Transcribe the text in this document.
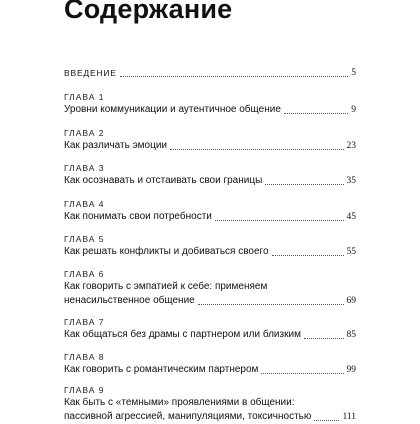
Содержание
ВВЕДЕНИЕ	5
ГЛАВА 1
Уровни коммуникации и аутентичное общение	9
ГЛАВА 2
Как различать эмоции	23
ГЛАВА 3
Как осознавать и отстаивать свои границы	35
ГЛАВА 4
Как понимать свои потребности	45
ГЛАВА 5
Как решать конфликты и добиваться своего	55
ГЛАВА 6
Как говорить с эмпатией к себе: применяем
ненасильственное общение	69
ГЛАВА 7
Как общаться без драмы с партнером или близким	85
ГЛАВА 8
Как говорить с романтическим партнером	99
ГЛАВА 9
Как быть с «темными» проявлениями в общении:
пассивной агрессией, манипуляциями, токсичностью	111
